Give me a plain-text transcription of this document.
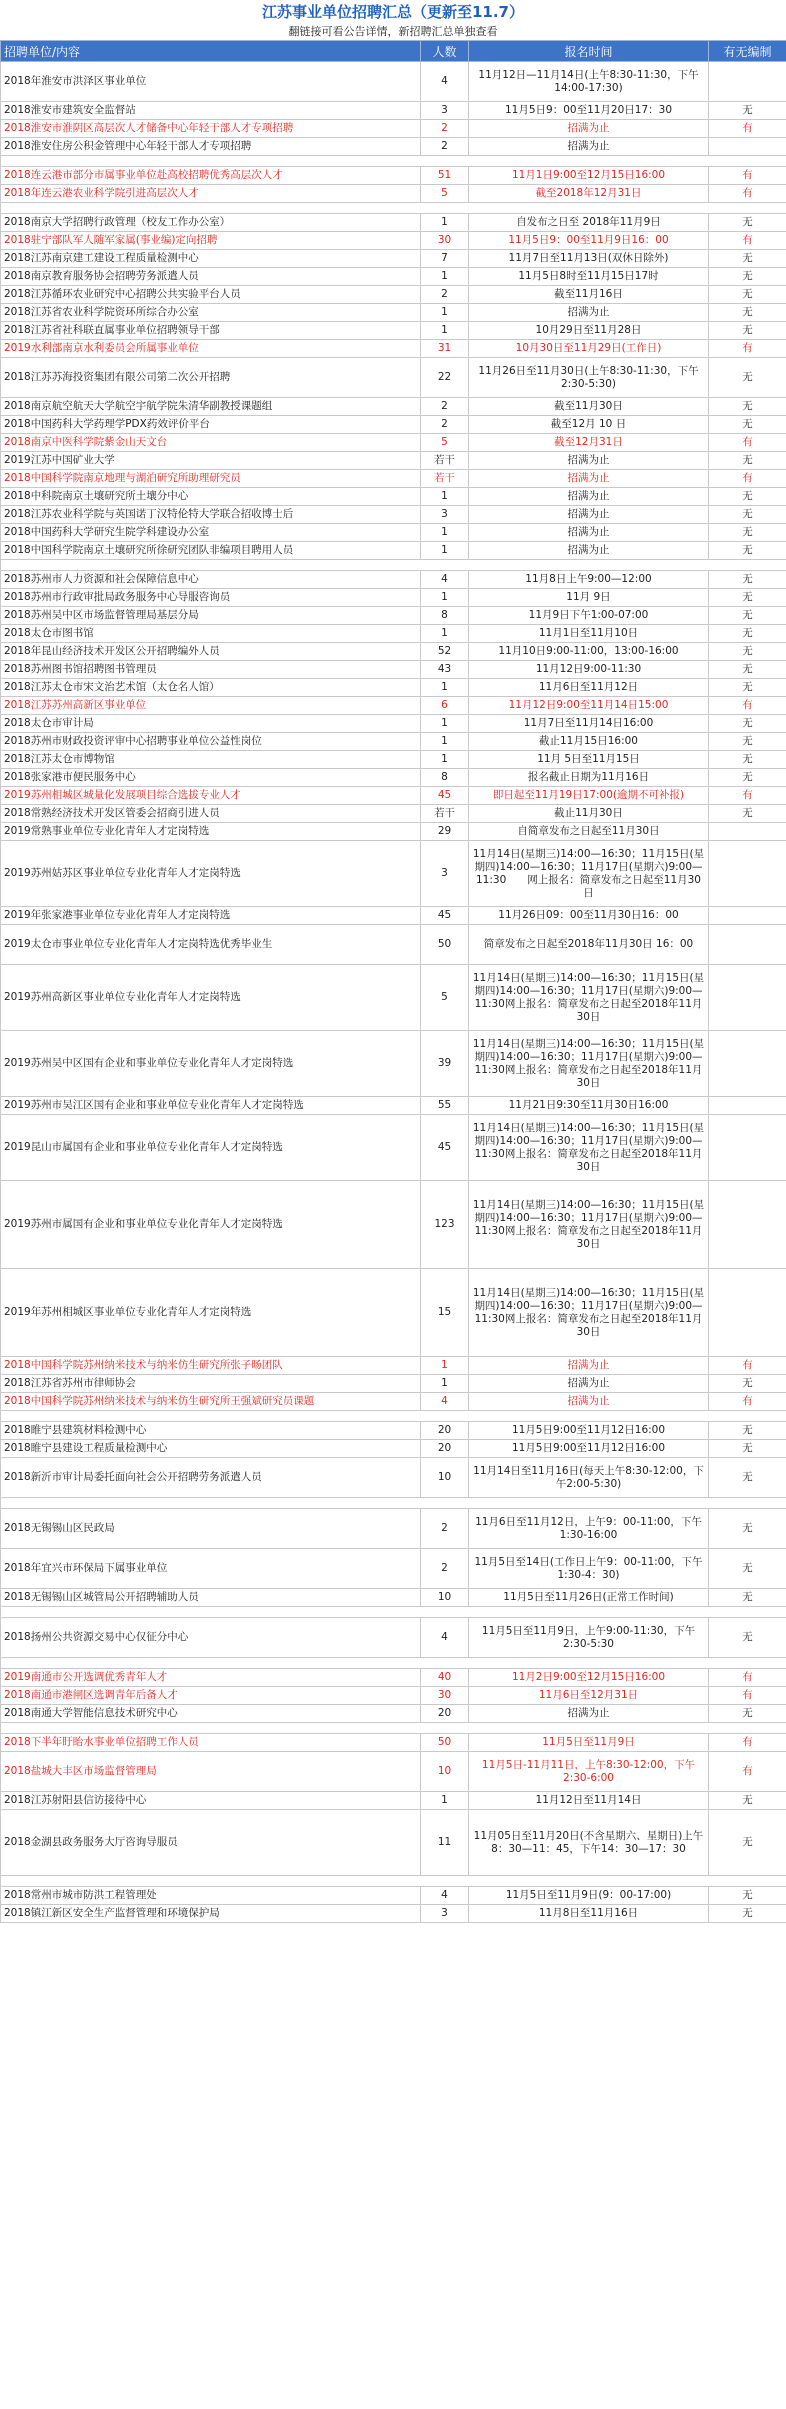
江苏事业单位招聘汇总（更新至11.7）
翻链接可看公告详情，新招聘汇总单独查看
招聘单位/内容	人数	报名时间	有无编制
2018年淮安市洪泽区事业单位	4	11月12日—11月14日(上午8:30-11:30，下午14:00-17:30)	
2018淮安市建筑安全监督站	3	11月5日9：00至11月20日17：30	无
2018淮安市淮阴区高层次人才储备中心年轻干部人才专项招聘	2	招满为止	有
2018淮安住房公积金管理中心年轻干部人才专项招聘	2	招满为止	

2018连云港市部分市属事业单位赴高校招聘优秀高层次人才	51	11月1日9:00至12月15日16:00	有
2018年连云港农业科学院引进高层次人才	5	截至2018年12月31日	有

2018南京大学招聘行政管理（校友工作办公室）	1	自发布之日至 2018年11月9日	无
2018驻宁部队军人随军家属(事业编)定向招聘	30	11月5日9：00至11月9日16：00	有
2018江苏南京建工建设工程质量检测中心	7	11月7日至11月13日(双休日除外)	无
2018南京教育服务协会招聘劳务派遣人员	1	11月5日8时至11月15日17时	无
2018江苏循环农业研究中心招聘公共实验平台人员	2	截至11月16日	无
2018江苏省农业科学院资环所综合办公室	1	招满为止	无
2018江苏省社科联直属事业单位招聘领导干部	1	10月29日至11月28日	无
2019水利部南京水利委员会所属事业单位	31	10月30日至11月29日(工作日)	有
2018江苏苏海投资集团有限公司第二次公开招聘	22	11月26日至11月30日(上午8:30-11:30，下午2:30-5:30)	无
2018南京航空航天大学航空宇航学院朱清华副教授课题组	2	截至11月30日	无
2018中国药科大学药理学PDX药效评价平台	2	截至12月 10 日	无
2018南京中医科学院紫金山天文台	5	截至12月31日	有
2019江苏中国矿业大学	若干	招满为止	无
2018中国科学院南京地理与湖泊研究所助理研究员	若干	招满为止	有
2018中科院南京土壤研究所土壤分中心	1	招满为止	无
2018江苏农业科学院与英国诺丁汉特伦特大学联合招收博士后	3	招满为止	无
2018中国药科大学研究生院学科建设办公室	1	招满为止	无
2018中国科学院南京土壤研究所徐研究团队非编项目聘用人员	1	招满为止	无

2018苏州市人力资源和社会保障信息中心	4	11月8日上午9:00—12:00	无
2018苏州市行政审批局政务服务中心导服咨询员	1	11月 9日	无
2018苏州吴中区市场监督管理局基层分局	8	11月9日下午1:00-07:00	无
2018太仓市图书馆	1	11月1日至11月10日	无
2018年昆山经济技术开发区公开招聘编外人员	52	11月10日9:00-11:00，13:00-16:00	无
2018苏州图书馆招聘图书管理员	43	11月12日9:00-11:30	无
2018江苏太仓市宋文治艺术馆（太仓名人馆）	1	11月6日至11月12日	无
2018江苏苏州高新区事业单位	6	11月12日9:00至11月14日15:00	有
2018太仓市审计局	1	11月7日至11月14日16:00	无
2018苏州市财政投资评审中心招聘事业单位公益性岗位	1	截止11月15日16:00	无
2018江苏太仓市博物馆	1	11月 5日至11月15日	无
2018张家港市便民服务中心	8	报名截止日期为11月16日	无
2019苏州相城区城量化发展项目综合选拔专业人才	45	即日起至11月19日17:00(逾期不可补报)	有
2018常熟经济技术开发区管委会招商引进人员	若干	截止11月30日	无
2019常熟事业单位专业化青年人才定岗特选	29	自简章发布之日起至11月30日	
2019苏州姑苏区事业单位专业化青年人才定岗特选	3	11月14日(星期三)14:00—16:30；11月15日(星期四)14:00—16:30；11月17日(星期六)9:00—11:30　　网上报名：简章发布之日起至11月30日	
2019年张家港事业单位专业化青年人才定岗特选	45	11月26日09：00至11月30日16：00	
2019太仓市事业单位专业化青年人才定岗特选优秀毕业生	50	简章发布之日起至2018年11月30日 16：00	
2019苏州高新区事业单位专业化青年人才定岗特选	5	11月14日(星期三)14:00—16:30；11月15日(星期四)14:00—16:30；11月17日(星期六)9:00—11:30网上报名：简章发布之日起至2018年11月30日	
2019苏州吴中区国有企业和事业单位专业化青年人才定岗特选	39	11月14日(星期三)14:00—16:30；11月15日(星期四)14:00—16:30；11月17日(星期六)9:00—11:30网上报名：简章发布之日起至2018年11月30日	
2019苏州市吴江区国有企业和事业单位专业化青年人才定岗特选	55	11月21日9:30至11月30日16:00	
2019昆山市属国有企业和事业单位专业化青年人才定岗特选	45	11月14日(星期三)14:00—16:30；11月15日(星期四)14:00—16:30；11月17日(星期六)9:00—11:30网上报名：简章发布之日起至2018年11月30日	
2019苏州市属国有企业和事业单位专业化青年人才定岗特选	123	11月14日(星期三)14:00—16:30；11月15日(星期四)14:00—16:30；11月17日(星期六)9:00—11:30网上报名：简章发布之日起至2018年11月30日	
2019年苏州相城区事业单位专业化青年人才定岗特选	15	11月14日(星期三)14:00—16:30；11月15日(星期四)14:00—16:30；11月17日(星期六)9:00—11:30网上报名：简章发布之日起至2018年11月30日	
2018中国科学院苏州纳米技术与纳米仿生研究所张子旸团队	1	招满为止	有
2018江苏省苏州市律师协会	1	招满为止	无
2018中国科学院苏州纳米技术与纳米仿生研究所王强斌研究员课题	4	招满为止	有

2018睢宁县建筑材料检测中心	20	11月5日9:00至11月12日16:00	无
2018睢宁县建设工程质量检测中心	20	11月5日9:00至11月12日16:00	无
2018新沂市审计局委托面向社会公开招聘劳务派遣人员	10	11月14日至11月16日(每天上午8:30-12:00，下午2:00-5:30)	无

2018无锡锡山区民政局	2	11月6日至11月12日，上午9：00-11:00，下午1:30-16:00	无
2018年宜兴市环保局下属事业单位	2	11月5日至14日(工作日上午9：00-11:00，下午1:30-4：30)	无
2018无锡锡山区城管局公开招聘辅助人员	10	11月5日至11月26日(正常工作时间)	无

2018扬州公共资源交易中心仅征分中心	4	11月5日至11月9日，上午9:00-11:30，下午2:30-5:30	无

2019南通市公开选调优秀青年人才	40	11月2日9:00至12月15日16:00	有
2018南通市港闸区选调青年后备人才	30	11月6日至12月31日	有
2018南通大学智能信息技术研究中心	20	招满为止	无

2018下半年盱眙水事业单位招聘工作人员	50	11月5日至11月9日	有
2018盐城大丰区市场监督管理局	10	11月5日-11月11日，上午8:30-12:00，下午2:30-6:00	有
2018江苏射阳县信访接待中心	1	11月12日至11月14日	无
2018金湖县政务服务大厅咨询导服员	11	11月05日至11月20日(不含星期六、星期日)上午8：30—11：45，下午14：30—17：30	无

2018常州市城市防洪工程管理处	4	11月5日至11月9日(9：00-17:00)	无
2018镇江新区安全生产监督管理和环境保护局	3	11月8日至11月16日	无
